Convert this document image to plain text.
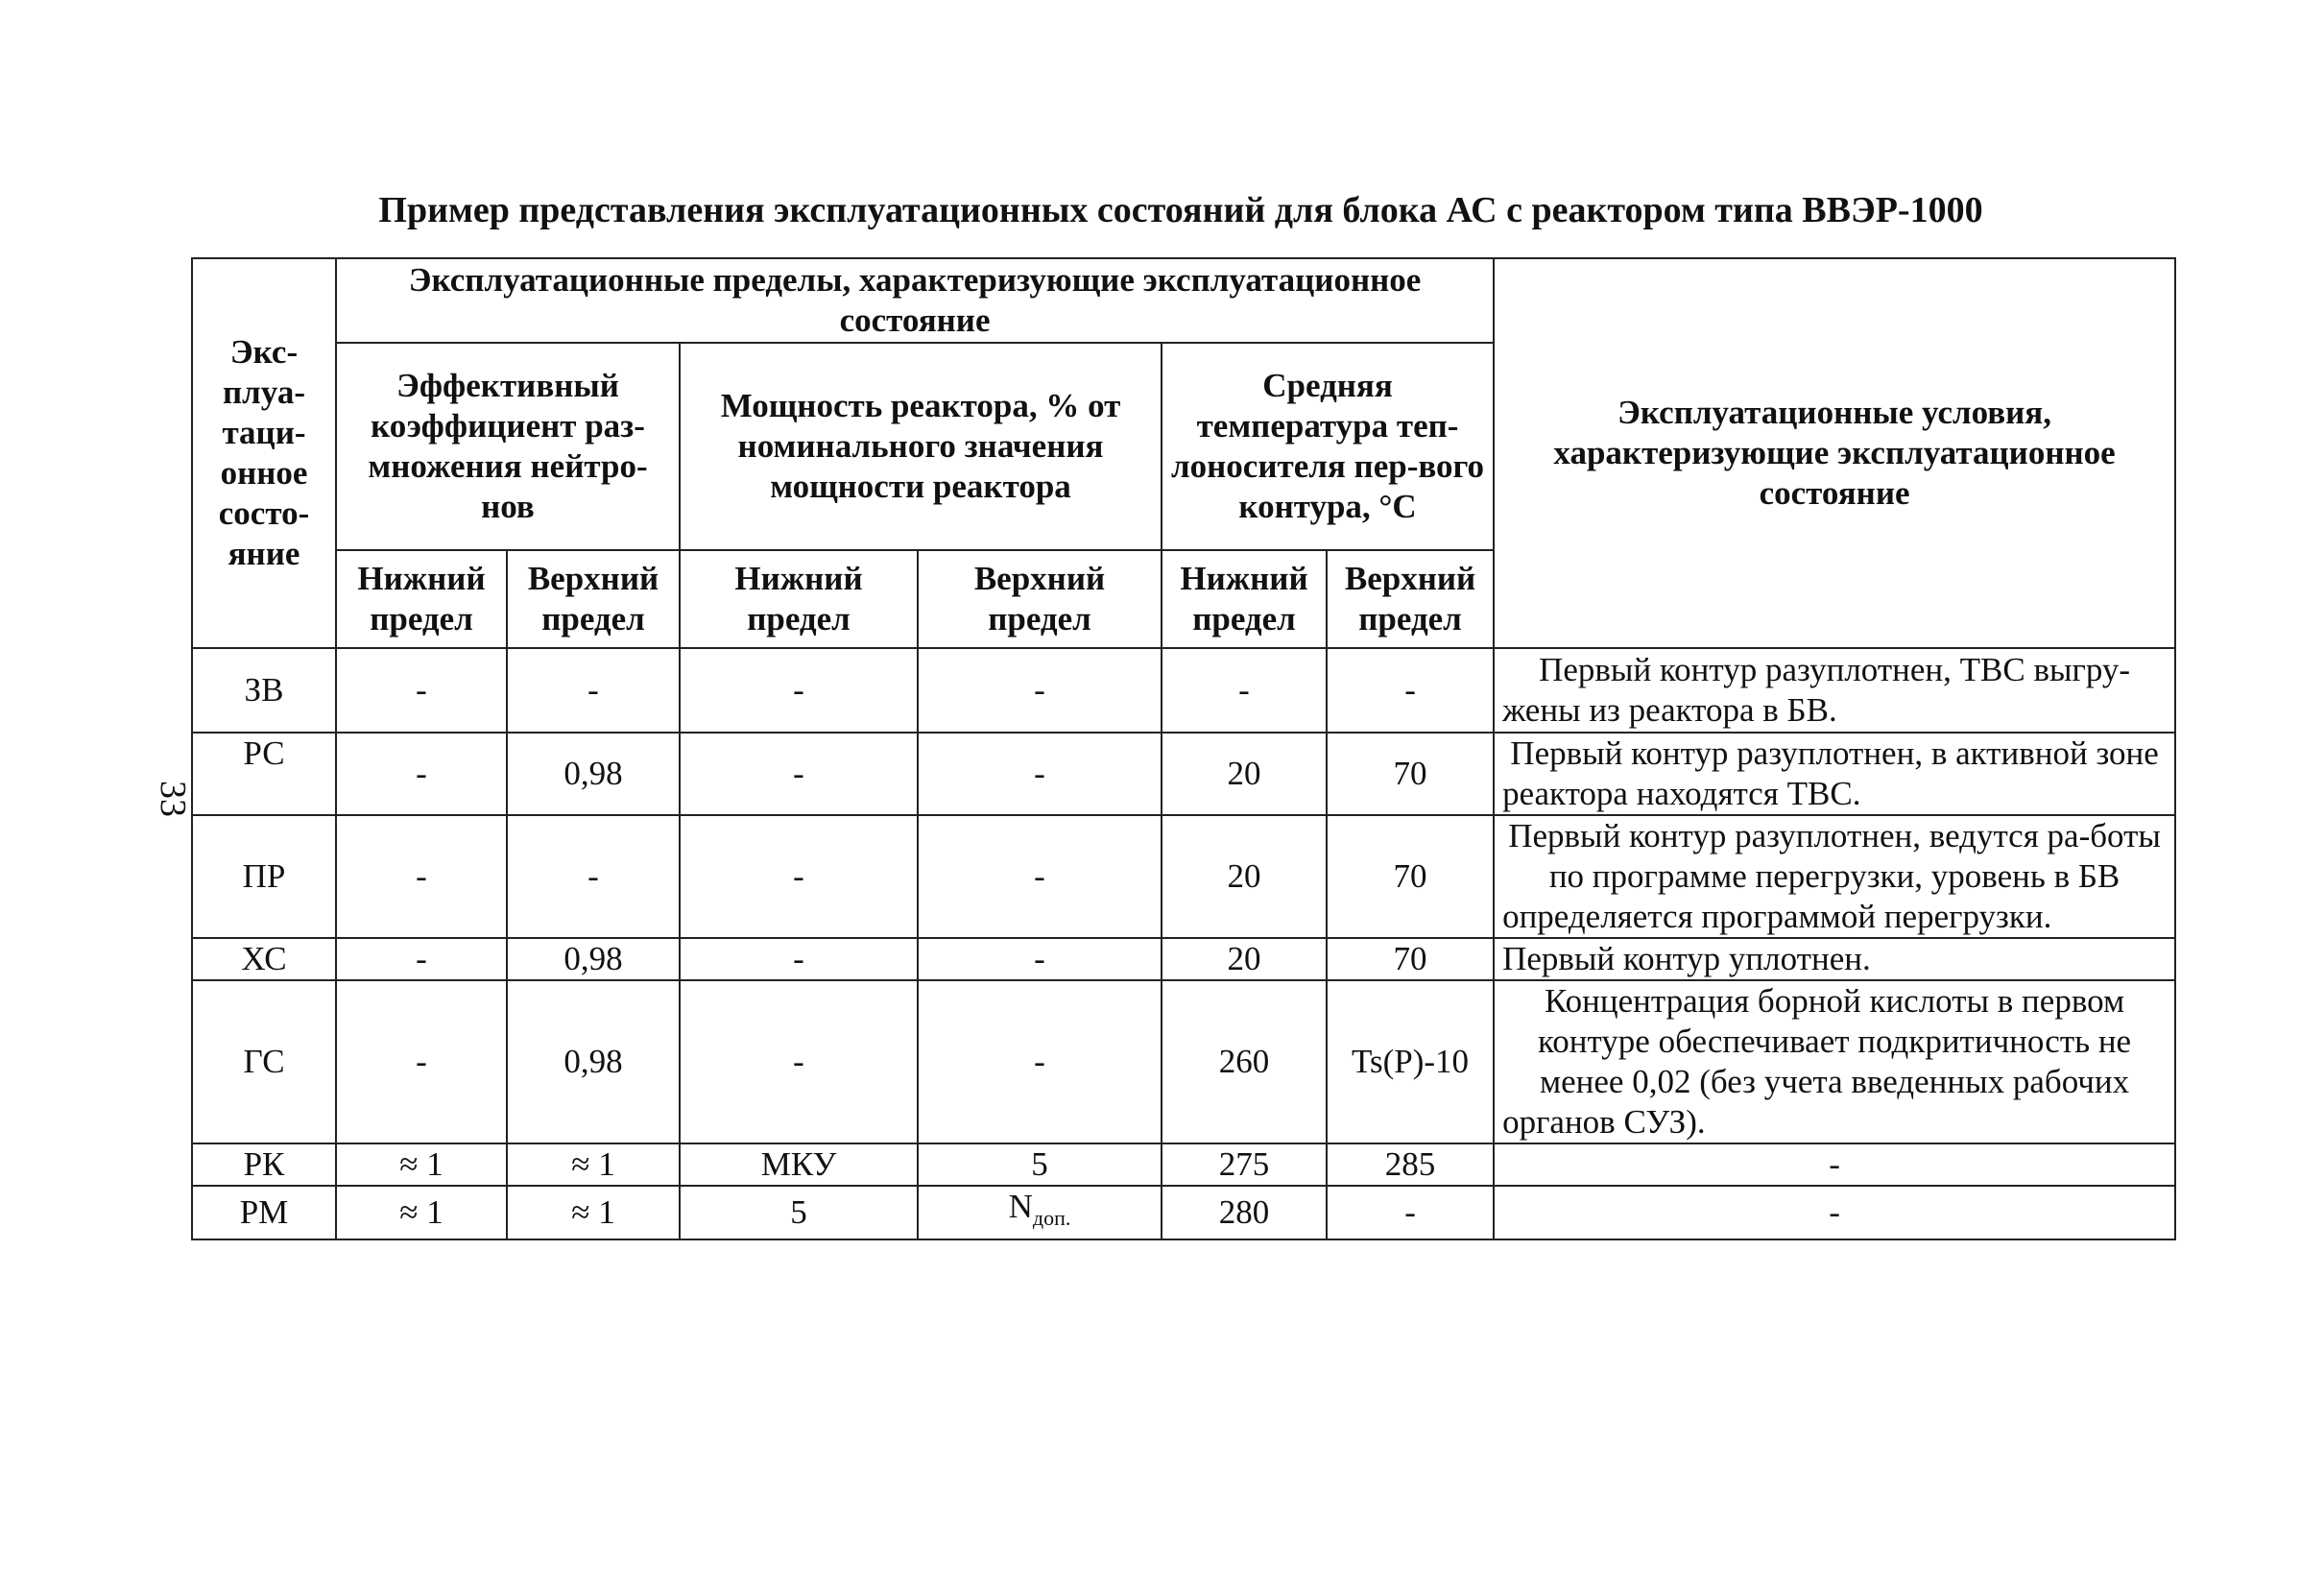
33
Пример представления эксплуатационных состояний для блока АС с реактором типа ВВЭР-1000
Экс-плуа-таци-онное состо-яние	Эксплуатационные пределы, характеризующие эксплуатационное состояние						Эксплуатационные условия, характеризующие эксплуатационное состояние
	Эффективный коэффициент раз-множения нейтро-нов		Мощность реактора, % от номинального значения мощности реактора		Средняя температура теп-лоносителя пер-вого контура, °С		
	Нижний предел	Верхний предел	Нижний предел	Верхний предел	Нижний предел	Верхний предел	
ЗВ	-	-	-	-	-	-	Первый контур разуплотнен, ТВС выгру-жены из реактора в БВ.
РС	-	0,98	-	-	20	70	Первый контур разуплотнен, в активной зоне реактора находятся ТВС.
ПР	-	-	-	-	20	70	Первый контур разуплотнен, ведутся ра-боты по программе перегрузки, уровень в БВ определяется программой перегрузки.
ХС	-	0,98	-	-	20	70	Первый контур уплотнен.
ГС	-	0,98	-	-	260	Ts(P)-10	Концентрация борной кислоты в первом контуре обеспечивает подкритичность не менее 0,02 (без учета введенных рабочих органов СУЗ).
РК	≈ 1	≈ 1	МКУ	5	275	285	-
РМ	≈ 1	≈ 1	5	$N_{доп.}$	280	-	-
